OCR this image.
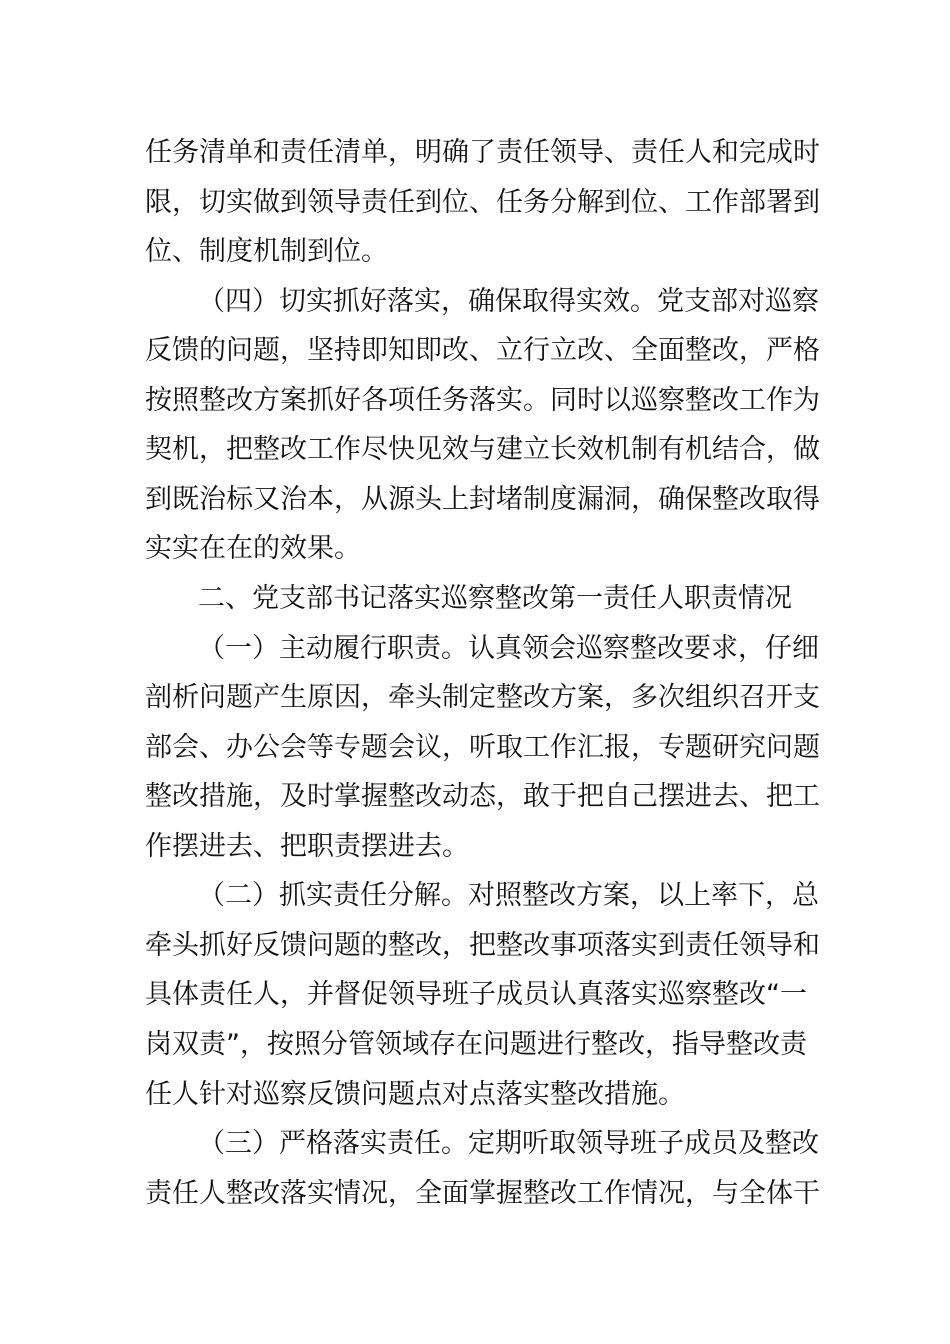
任务清单和责任清单，明确了责任领导、责任人和完成时
限，切实做到领导责任到位、任务分解到位、工作部署到
位、制度机制到位。
（四）切实抓好落实，确保取得实效。党支部对巡察
反馈的问题，坚持即知即改、立行立改、全面整改，严格
按照整改方案抓好各项任务落实。同时以巡察整改工作为
契机，把整改工作尽快见效与建立长效机制有机结合，做
到既治标又治本，从源头上封堵制度漏洞，确保整改取得
实实在在的效果。
二、党支部书记落实巡察整改第一责任人职责情况
（一）主动履行职责。认真领会巡察整改要求，仔细
剖析问题产生原因，牵头制定整改方案，多次组织召开支
部会、办公会等专题会议，听取工作汇报，专题研究问题
整改措施，及时掌握整改动态，敢于把自己摆进去、把工
作摆进去、把职责摆进去。
（二）抓实责任分解。对照整改方案，以上率下，总
牵头抓好反馈问题的整改，把整改事项落实到责任领导和
具体责任人，并督促领导班子成员认真落实巡察整改“一
岗双责”，按照分管领域存在问题进行整改，指导整改责
任人针对巡察反馈问题点对点落实整改措施。
（三）严格落实责任。定期听取领导班子成员及整改
责任人整改落实情况，全面掌握整改工作情况，与全体干
